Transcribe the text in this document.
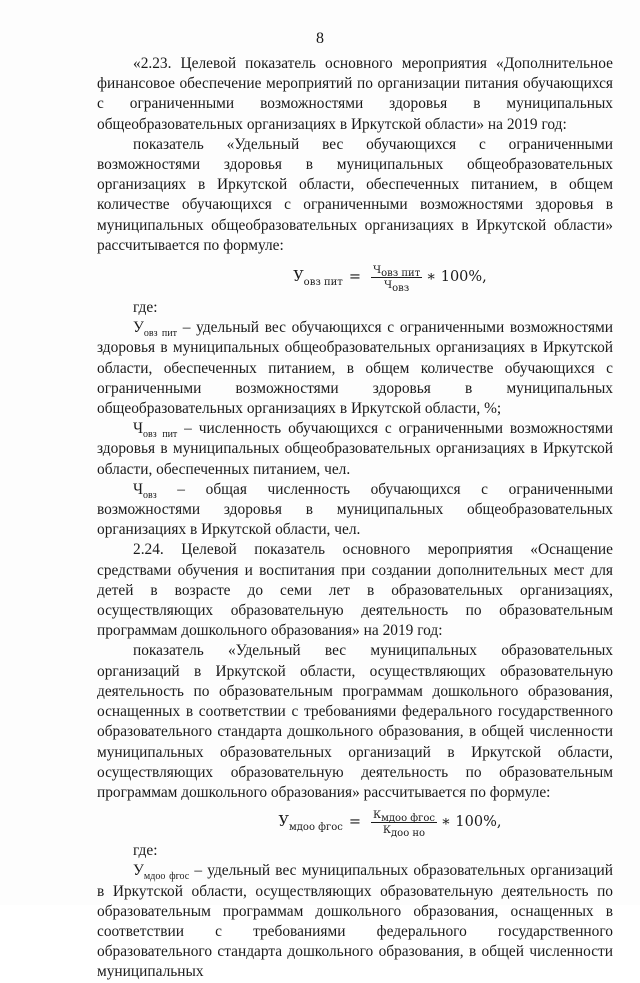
8

«2.23. Целевой показатель основного мероприятия «Дополнительное финансовое обеспечение мероприятий по организации питания обучающихся с ограниченными возможностями здоровья в муниципальных общеобразовательных организациях в Иркутской области» на 2019 год:

показатель «Удельный вес обучающихся с ограниченными возможностями здоровья в муниципальных общеобразовательных организациях в Иркутской области, обеспеченных питанием, в общем количестве обучающихся с ограниченными возможностями здоровья в муниципальных общеобразовательных организациях в Иркутской области» рассчитывается по формуле:

$У_{овз пит} = \frac{Ч_{овз пит}}{Ч_{овз}}$ ∗ 100%,

где:

$У_{овз пит}$ – удельный вес обучающихся с ограниченными возможностями здоровья в муниципальных общеобразовательных организациях в Иркутской области, обеспеченных питанием, в общем количестве обучающихся с ограниченными возможностями здоровья в муниципальных общеобразовательных организациях в Иркутской области, %;

$Ч_{овз пит}$ – численность обучающихся с ограниченными возможностями здоровья в муниципальных общеобразовательных организациях в Иркутской области, обеспеченных питанием, чел.

$Ч_{овз}$ – общая численность обучающихся с ограниченными возможностями здоровья в муниципальных общеобразовательных организациях в Иркутской области, чел.

2.24. Целевой показатель основного мероприятия «Оснащение средствами обучения и воспитания при создании дополнительных мест для детей в возрасте до семи лет в образовательных организациях, осуществляющих образовательную деятельность по образовательным программам дошкольного образования» на 2019 год:

показатель «Удельный вес муниципальных образовательных организаций в Иркутской области, осуществляющих образовательную деятельность по образовательным программам дошкольного образования, оснащенных в соответствии с требованиями федерального государственного образовательного стандарта дошкольного образования, в общей численности муниципальных образовательных организаций в Иркутской области, осуществляющих образовательную деятельность по образовательным программам дошкольного образования» рассчитывается по формуле:

$У_{мдоо фгос} = \frac{К_{мдоо фгос}}{К_{доо но}}$ ∗ 100%,

где:

$У_{мдоо фгос}$ – удельный вес муниципальных образовательных организаций в Иркутской области, осуществляющих образовательную деятельность по образовательным программам дошкольного образования, оснащенных в соответствии с требованиями федерального государственного образовательного стандарта дошкольного образования, в общей численности муниципальных
